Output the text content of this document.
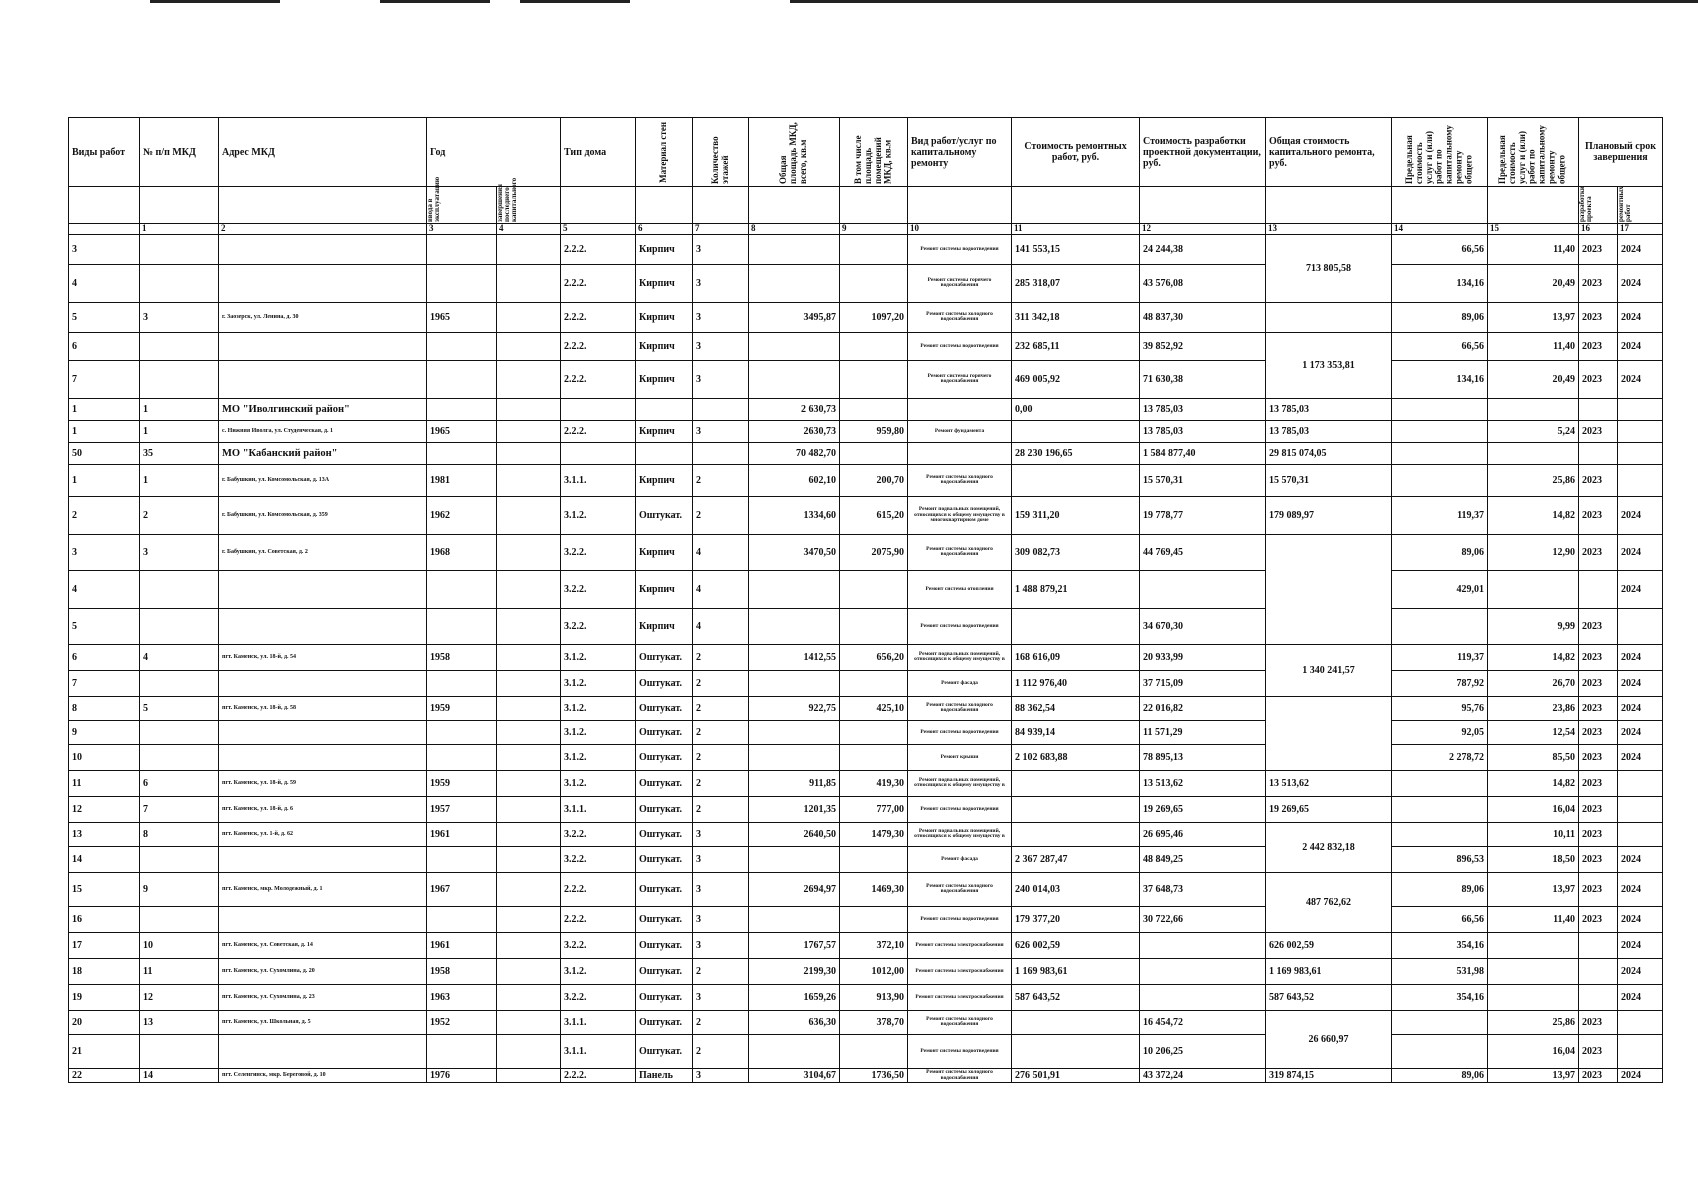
Виды работ	№ п/п МКД	Адрес МКД	Год		Тип дома	Материал стен	Количество этажей	Общая площадь МКД, всего, кв.м	В том числе площадь помещений МКД, кв.м	Вид работ/услуг по капитальному ремонту	Стоимость ремонтных работ, руб.	Стоимость разработки проектной документации, руб.	Общая стоимость капитального ремонта, руб.	Предельная стоимость услуг и (или) работ по капитальному ремонту общего	Предельная стоимость услуг и (или) работ по капитальному ремонту общего	Плановый срок завершения	

			ввода в эксплуатацию	завершения последнего капитального												разработки проекта	ремонтных работ

	1	2	3	4	5	6	7	8	9	10	11	12	13	14	15	16	17
3					2.2.2.	Кирпич	3			Ремонт системы водоотведения	141 553,15	24 244,38	713 805,58	66,56	11,40	2023	2024
4					2.2.2.	Кирпич	3			Ремонт системы горячего водоснабжения	285 318,07	43 576,08		134,16	20,49	2023	2024
5	3	г. Заозерск, ул. Ленина, д. 30	1965		2.2.2.	Кирпич	3	3495,87	1097,20	Ремонт системы холодного водоснабжения	311 342,18	48 837,30		89,06	13,97	2023	2024
6					2.2.2.	Кирпич	3			Ремонт системы водоотведения	232 685,11	39 852,92	1 173 353,81	66,56	11,40	2023	2024
7					2.2.2.	Кирпич	3			Ремонт системы горячего водоснабжения	469 005,92	71 630,38		134,16	20,49	2023	2024
1	1	МО "Иволгинский район"						2 630,73			0,00	13 785,03	13 785,03				
1	1	с. Нижняя Иволга, ул. Студенческая, д. 1	1965		2.2.2.	Кирпич	3	2630,73	959,80	Ремонт фундамента		13 785,03	13 785,03		5,24	2023	
50	35	МО "Кабанский район"						70 482,70			28 230 196,65	1 584 877,40	29 815 074,05				
1	1	г. Бабушкин, ул. Комсомольская, д. 13А	1981		3.1.1.	Кирпич	2	602,10	200,70	Ремонт системы холодного водоснабжения		15 570,31	15 570,31		25,86	2023	
2	2	г. Бабушкин, ул. Комсомольская, д. 359	1962		3.1.2.	Оштукат.	2	1334,60	615,20	Ремонт подвальных помещений, относящихся к общему имуществу в многоквартирном доме	159 311,20	19 778,77	179 089,97	119,37	14,82	2023	2024
3	3	г. Бабушкин, ул. Советская, д. 2	1968		3.2.2.	Кирпич	4	3470,50	2075,90	Ремонт системы холодного водоснабжения	309 082,73	44 769,45		89,06	12,90	2023	2024
4					3.2.2.	Кирпич	4			Ремонт системы отопления	1 488 879,21			429,01			2024
5					3.2.2.	Кирпич	4			Ремонт системы водоотведения		34 670,30			9,99	2023	
6	4	пгт. Каменск, ул. 18-й, д. 54	1958		3.1.2.	Оштукат.	2	1412,55	656,20	Ремонт подвальных помещений, относящихся к общему имуществу в	168 616,09	20 933,99	1 340 241,57	119,37	14,82	2023	2024
7					3.1.2.	Оштукат.	2			Ремонт фасада	1 112 976,40	37 715,09		787,92	26,70	2023	2024
8	5	пгт. Каменск, ул. 18-й, д. 58	1959		3.1.2.	Оштукат.	2	922,75	425,10	Ремонт системы холодного водоснабжения	88 362,54	22 016,82		95,76	23,86	2023	2024
9					3.1.2.	Оштукат.	2			Ремонт системы водоотведения	84 939,14	11 571,29		92,05	12,54	2023	2024
10					3.1.2.	Оштукат.	2			Ремонт крыши	2 102 683,88	78 895,13		2 278,72	85,50	2023	2024
11	6	пгт. Каменск, ул. 18-й, д. 59	1959		3.1.2.	Оштукат.	2	911,85	419,30	Ремонт подвальных помещений, относящихся к общему имуществу в		13 513,62	13 513,62		14,82	2023	
12	7	пгт. Каменск, ул. 18-й, д. 6	1957		3.1.1.	Оштукат.	2	1201,35	777,00	Ремонт системы водоотведения		19 269,65	19 269,65		16,04	2023	
13	8	пгт. Каменск, ул. 1-й, д. 62	1961		3.2.2.	Оштукат.	3	2640,50	1479,30	Ремонт подвальных помещений, относящихся к общему имуществу в		26 695,46	2 442 832,18		10,11	2023	
14					3.2.2.	Оштукат.	3			Ремонт фасада	2 367 287,47	48 849,25		896,53	18,50	2023	2024
15	9	пгт. Каменск, мкр. Молодежный, д. 1	1967		2.2.2.	Оштукат.	3	2694,97	1469,30	Ремонт системы холодного водоснабжения	240 014,03	37 648,73	487 762,62	89,06	13,97	2023	2024
16					2.2.2.	Оштукат.	3			Ремонт системы водоотведения	179 377,20	30 722,66		66,56	11,40	2023	2024
17	10	пгт. Каменск, ул. Советская, д. 14	1961		3.2.2.	Оштукат.	3	1767,57	372,10	Ремонт системы электроснабжения	626 002,59		626 002,59	354,16			2024
18	11	пгт. Каменск, ул. Сухомлина, д. 20	1958		3.1.2.	Оштукат.	2	2199,30	1012,00	Ремонт системы электроснабжения	1 169 983,61		1 169 983,61	531,98			2024
19	12	пгт. Каменск, ул. Сухомлина, д. 23	1963		3.2.2.	Оштукат.	3	1659,26	913,90	Ремонт системы электроснабжения	587 643,52		587 643,52	354,16			2024
20	13	пгт. Каменск, ул. Школьная, д. 5	1952		3.1.1.	Оштукат.	2	636,30	378,70	Ремонт системы холодного водоснабжения		16 454,72	26 660,97		25,86	2023	
21					3.1.1.	Оштукат.	2			Ремонт системы водоотведения		10 206,25			16,04	2023	
22	14	пгт. Селенгинск, мкр. Береговой, д. 10	1976		2.2.2.	Панель	3	3104,67	1736,50	Ремонт системы холодного водоснабжения	276 501,91	43 372,24	319 874,15	89,06	13,97	2023	2024
